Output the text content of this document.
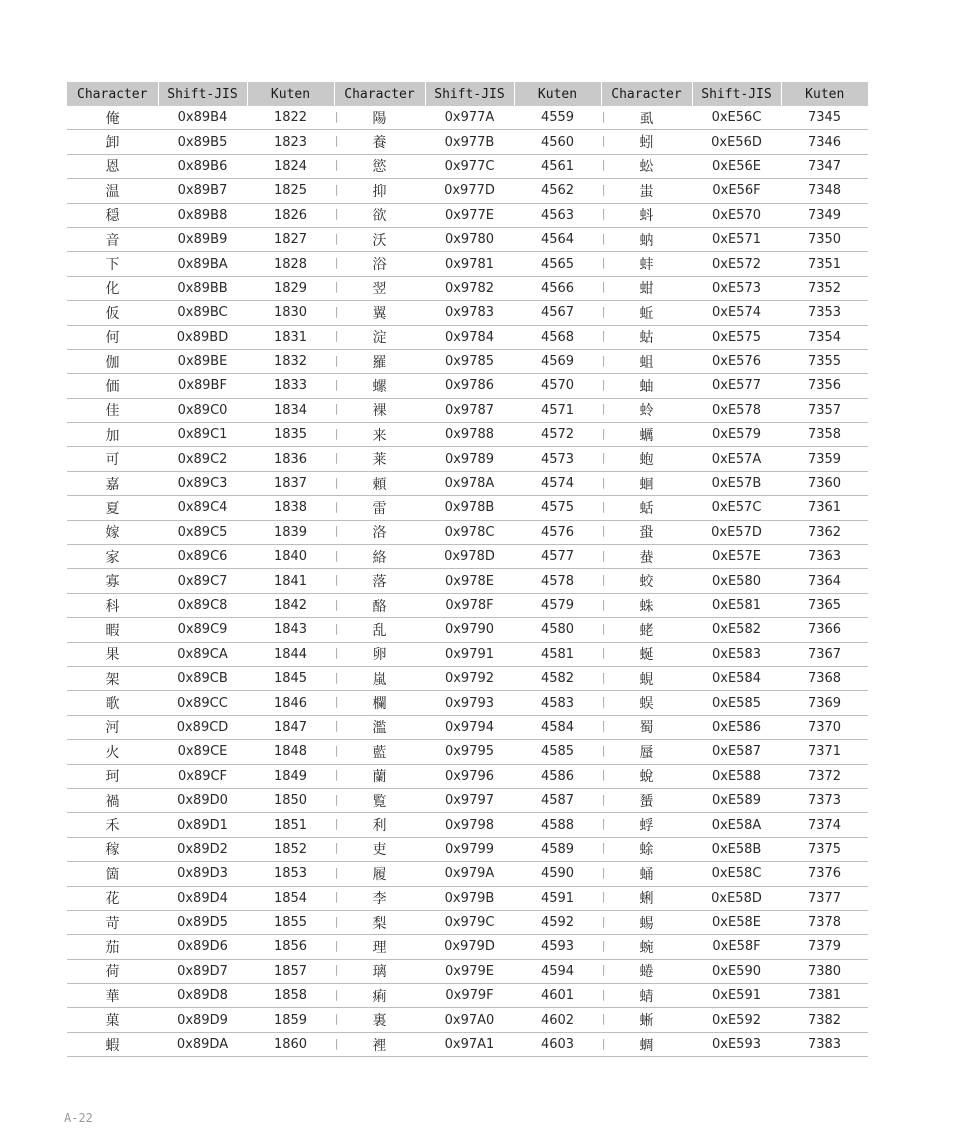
Character	Shift-JIS	Kuten	Character	Shift-JIS	Kuten	Character	Shift-JIS	Kuten
俺	0x89B4	1822	│ 陽	0x977A	4559	│ 虱	0xE56C	7345
卸	0x89B5	1823	│ 養	0x977B	4560	│ 蚓	0xE56D	7346
恩	0x89B6	1824	│ 慾	0x977C	4561	│ 蚣	0xE56E	7347
温	0x89B7	1825	│ 抑	0x977D	4562	│ 蚩	0xE56F	7348
穏	0x89B8	1826	│ 欲	0x977E	4563	│ 蚪	0xE570	7349
音	0x89B9	1827	│ 沃	0x9780	4564	│ 蚋	0xE571	7350
下	0x89BA	1828	│ 浴	0x9781	4565	│ 蚌	0xE572	7351
化	0x89BB	1829	│ 翌	0x9782	4566	│ 蚶	0xE573	7352
仮	0x89BC	1830	│ 翼	0x9783	4567	│ 蚯	0xE574	7353
何	0x89BD	1831	│ 淀	0x9784	4568	│ 蛄	0xE575	7354
伽	0x89BE	1832	│ 羅	0x9785	4569	│ 蛆	0xE576	7355
価	0x89BF	1833	│ 螺	0x9786	4570	│ 蚰	0xE577	7356
佳	0x89C0	1834	│ 裸	0x9787	4571	│ 蛉	0xE578	7357
加	0x89C1	1835	│ 来	0x9788	4572	│ 蠣	0xE579	7358
可	0x89C2	1836	│ 莱	0x9789	4573	│ 蚫	0xE57A	7359
嘉	0x89C3	1837	│ 頼	0x978A	4574	│ 蛔	0xE57B	7360
夏	0x89C4	1838	│ 雷	0x978B	4575	│ 蛞	0xE57C	7361
嫁	0x89C5	1839	│ 洛	0x978C	4576	│ 蛩	0xE57D	7362
家	0x89C6	1840	│ 絡	0x978D	4577	│ 蛬	0xE57E	7363
寡	0x89C7	1841	│ 落	0x978E	4578	│ 蛟	0xE580	7364
科	0x89C8	1842	│ 酪	0x978F	4579	│ 蛛	0xE581	7365
暇	0x89C9	1843	│ 乱	0x9790	4580	│ 蛯	0xE582	7366
果	0x89CA	1844	│ 卵	0x9791	4581	│ 蜒	0xE583	7367
架	0x89CB	1845	│ 嵐	0x9792	4582	│ 蜆	0xE584	7368
歌	0x89CC	1846	│ 欄	0x9793	4583	│ 蜈	0xE585	7369
河	0x89CD	1847	│ 濫	0x9794	4584	│ 蜀	0xE586	7370
火	0x89CE	1848	│ 藍	0x9795	4585	│ 蜃	0xE587	7371
珂	0x89CF	1849	│ 蘭	0x9796	4586	│ 蛻	0xE588	7372
禍	0x89D0	1850	│ 覧	0x9797	4587	│ 蜑	0xE589	7373
禾	0x89D1	1851	│ 利	0x9798	4588	│ 蜉	0xE58A	7374
稼	0x89D2	1852	│ 吏	0x9799	4589	│ 蜍	0xE58B	7375
箇	0x89D3	1853	│ 履	0x979A	4590	│ 蛹	0xE58C	7376
花	0x89D4	1854	│ 李	0x979B	4591	│ 蜊	0xE58D	7377
苛	0x89D5	1855	│ 梨	0x979C	4592	│ 蜴	0xE58E	7378
茄	0x89D6	1856	│ 理	0x979D	4593	│ 蜿	0xE58F	7379
荷	0x89D7	1857	│ 璃	0x979E	4594	│ 蜷	0xE590	7380
華	0x89D8	1858	│ 痢	0x979F	4601	│ 蜻	0xE591	7381
菓	0x89D9	1859	│ 裏	0x97A0	4602	│ 蜥	0xE592	7382
蝦	0x89DA	1860	│ 裡	0x97A1	4603	│ 蜩	0xE593	7383
A-22
